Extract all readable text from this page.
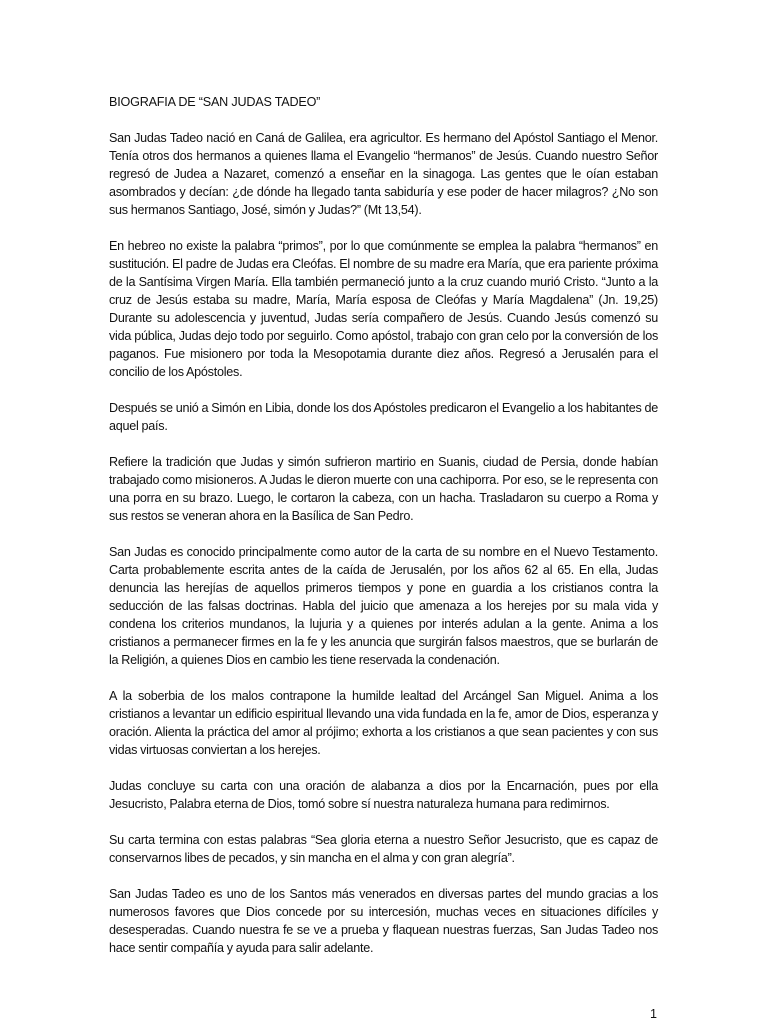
BIOGRAFIA DE “SAN JUDAS TADEO”

San Judas Tadeo nació en Caná de Galilea, era agricultor. Es hermano del Apóstol Santiago el Menor. Tenía otros dos hermanos a quienes llama el Evangelio “hermanos” de Jesús. Cuando nuestro Señor regresó de Judea a Nazaret, comenzó a enseñar en la sinagoga. Las gentes que le oían estaban asombrados y decían: ¿de dónde ha llegado tanta sabiduría y ese poder de hacer milagros? ¿No son sus hermanos Santiago, José, simón y Judas?” (Mt 13,54).

En hebreo no existe la palabra “primos”, por lo que comúnmente se emplea la palabra “hermanos” en sustitución. El padre de Judas era Cleófas. El nombre de su madre era María, que era pariente próxima de la Santísima Virgen María. Ella también permaneció junto a la cruz cuando murió Cristo. “Junto a la cruz de Jesús estaba su madre, María, María esposa de Cleófas y María Magdalena” (Jn. 19,25) Durante su adolescencia y juventud, Judas sería compañero de Jesús. Cuando Jesús comenzó su vida pública, Judas dejo todo por seguirlo. Como apóstol, trabajo con gran celo por la conversión de los paganos. Fue misionero por toda la Mesopotamia durante diez años. Regresó a Jerusalén para el concilio de los Apóstoles.

Después se unió a Simón en Libia, donde los dos Apóstoles predicaron el Evangelio a los habitantes de aquel país.

Refiere la tradición que Judas y simón sufrieron martirio en Suanis, ciudad de Persia, donde habían trabajado como misioneros. A Judas le dieron muerte con una cachiporra. Por eso, se le representa con una porra en su brazo. Luego, le cortaron la cabeza, con un hacha. Trasladaron su cuerpo a Roma y sus restos se veneran ahora en la Basílica de San Pedro.

San Judas es conocido principalmente como autor de la carta de su nombre en el Nuevo Testamento. Carta probablemente escrita antes de la caída de Jerusalén, por los años 62 al 65. En ella, Judas denuncia las herejías de aquellos primeros tiempos y pone en guardia a los cristianos contra la seducción de las falsas doctrinas. Habla del juicio que amenaza a los herejes por su mala vida y condena los criterios mundanos, la lujuria y a quienes por interés adulan a la gente. Anima a los cristianos a permanecer firmes en la fe y les anuncia que surgirán falsos maestros, que se burlarán de la Religión, a quienes Dios en cambio les tiene reservada la condenación.

A la soberbia de los malos contrapone la humilde lealtad del Arcángel San Miguel. Anima a los cristianos a levantar un edificio espiritual llevando una vida fundada en la fe, amor de Dios, esperanza y oración. Alienta la práctica del amor al prójimo; exhorta a los cristianos a que sean pacientes y con sus vidas virtuosas conviertan a los herejes.

Judas concluye su carta con una oración de alabanza a dios por la Encarnación, pues por ella Jesucristo, Palabra eterna de Dios, tomó sobre sí nuestra naturaleza humana para redimirnos.

Su carta termina con estas palabras “Sea gloria eterna a nuestro Señor Jesucristo, que es capaz de conservarnos libes de pecados, y sin mancha en el alma y con gran alegría”.

San Judas Tadeo es uno de los Santos más venerados en diversas partes del mundo gracias a los numerosos favores que Dios concede por su intercesión, muchas veces en situaciones difíciles y desesperadas. Cuando nuestra fe se ve a prueba y flaquean nuestras fuerzas, San Judas Tadeo nos hace sentir compañía y ayuda para salir adelante.

1
